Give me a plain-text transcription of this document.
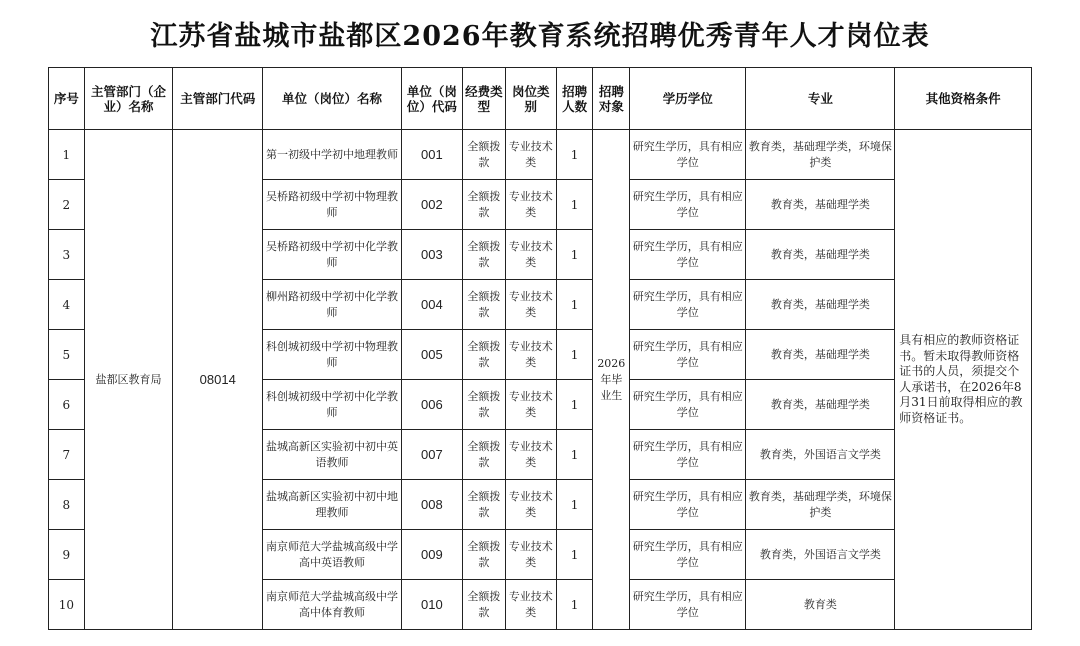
江苏省盐城市盐都区2026年教育系统招聘优秀青年人才岗位表
序号	主管部门（企业）名称	主管部门代码	单位（岗位）名称	单位（岗位）代码	经费类型	岗位类别	招聘人数	招聘对象	学历学位	专业	其他资格条件
1	盐都区教育局	08014	第一初级中学初中地理教师	001	全额拨款	专业技术类	1	2026年毕业生	研究生学历，具有相应学位	教育类，基础理学类，环境保护类	具有相应的教师资格证书。暂未取得教师资格证书的人员，须提交个人承诺书，在2026年8月31日前取得相应的教师资格证书。
2			吴桥路初级中学初中物理教师	002	全额拨款	专业技术类	1		研究生学历，具有相应学位	教育类，基础理学类	
3			吴桥路初级中学初中化学教师	003	全额拨款	专业技术类	1		研究生学历，具有相应学位	教育类，基础理学类	
4			柳州路初级中学初中化学教师	004	全额拨款	专业技术类	1		研究生学历，具有相应学位	教育类，基础理学类	
5			科创城初级中学初中物理教师	005	全额拨款	专业技术类	1		研究生学历，具有相应学位	教育类，基础理学类	
6			科创城初级中学初中化学教师	006	全额拨款	专业技术类	1		研究生学历，具有相应学位	教育类，基础理学类	
7			盐城高新区实验初中初中英语教师	007	全额拨款	专业技术类	1		研究生学历，具有相应学位	教育类，外国语言文学类	
8			盐城高新区实验初中初中地理教师	008	全额拨款	专业技术类	1		研究生学历，具有相应学位	教育类，基础理学类，环境保护类	
9			南京师范大学盐城高级中学高中英语教师	009	全额拨款	专业技术类	1		研究生学历，具有相应学位	教育类，外国语言文学类	
10			南京师范大学盐城高级中学高中体育教师	010	全额拨款	专业技术类	1		研究生学历，具有相应学位	教育类	
